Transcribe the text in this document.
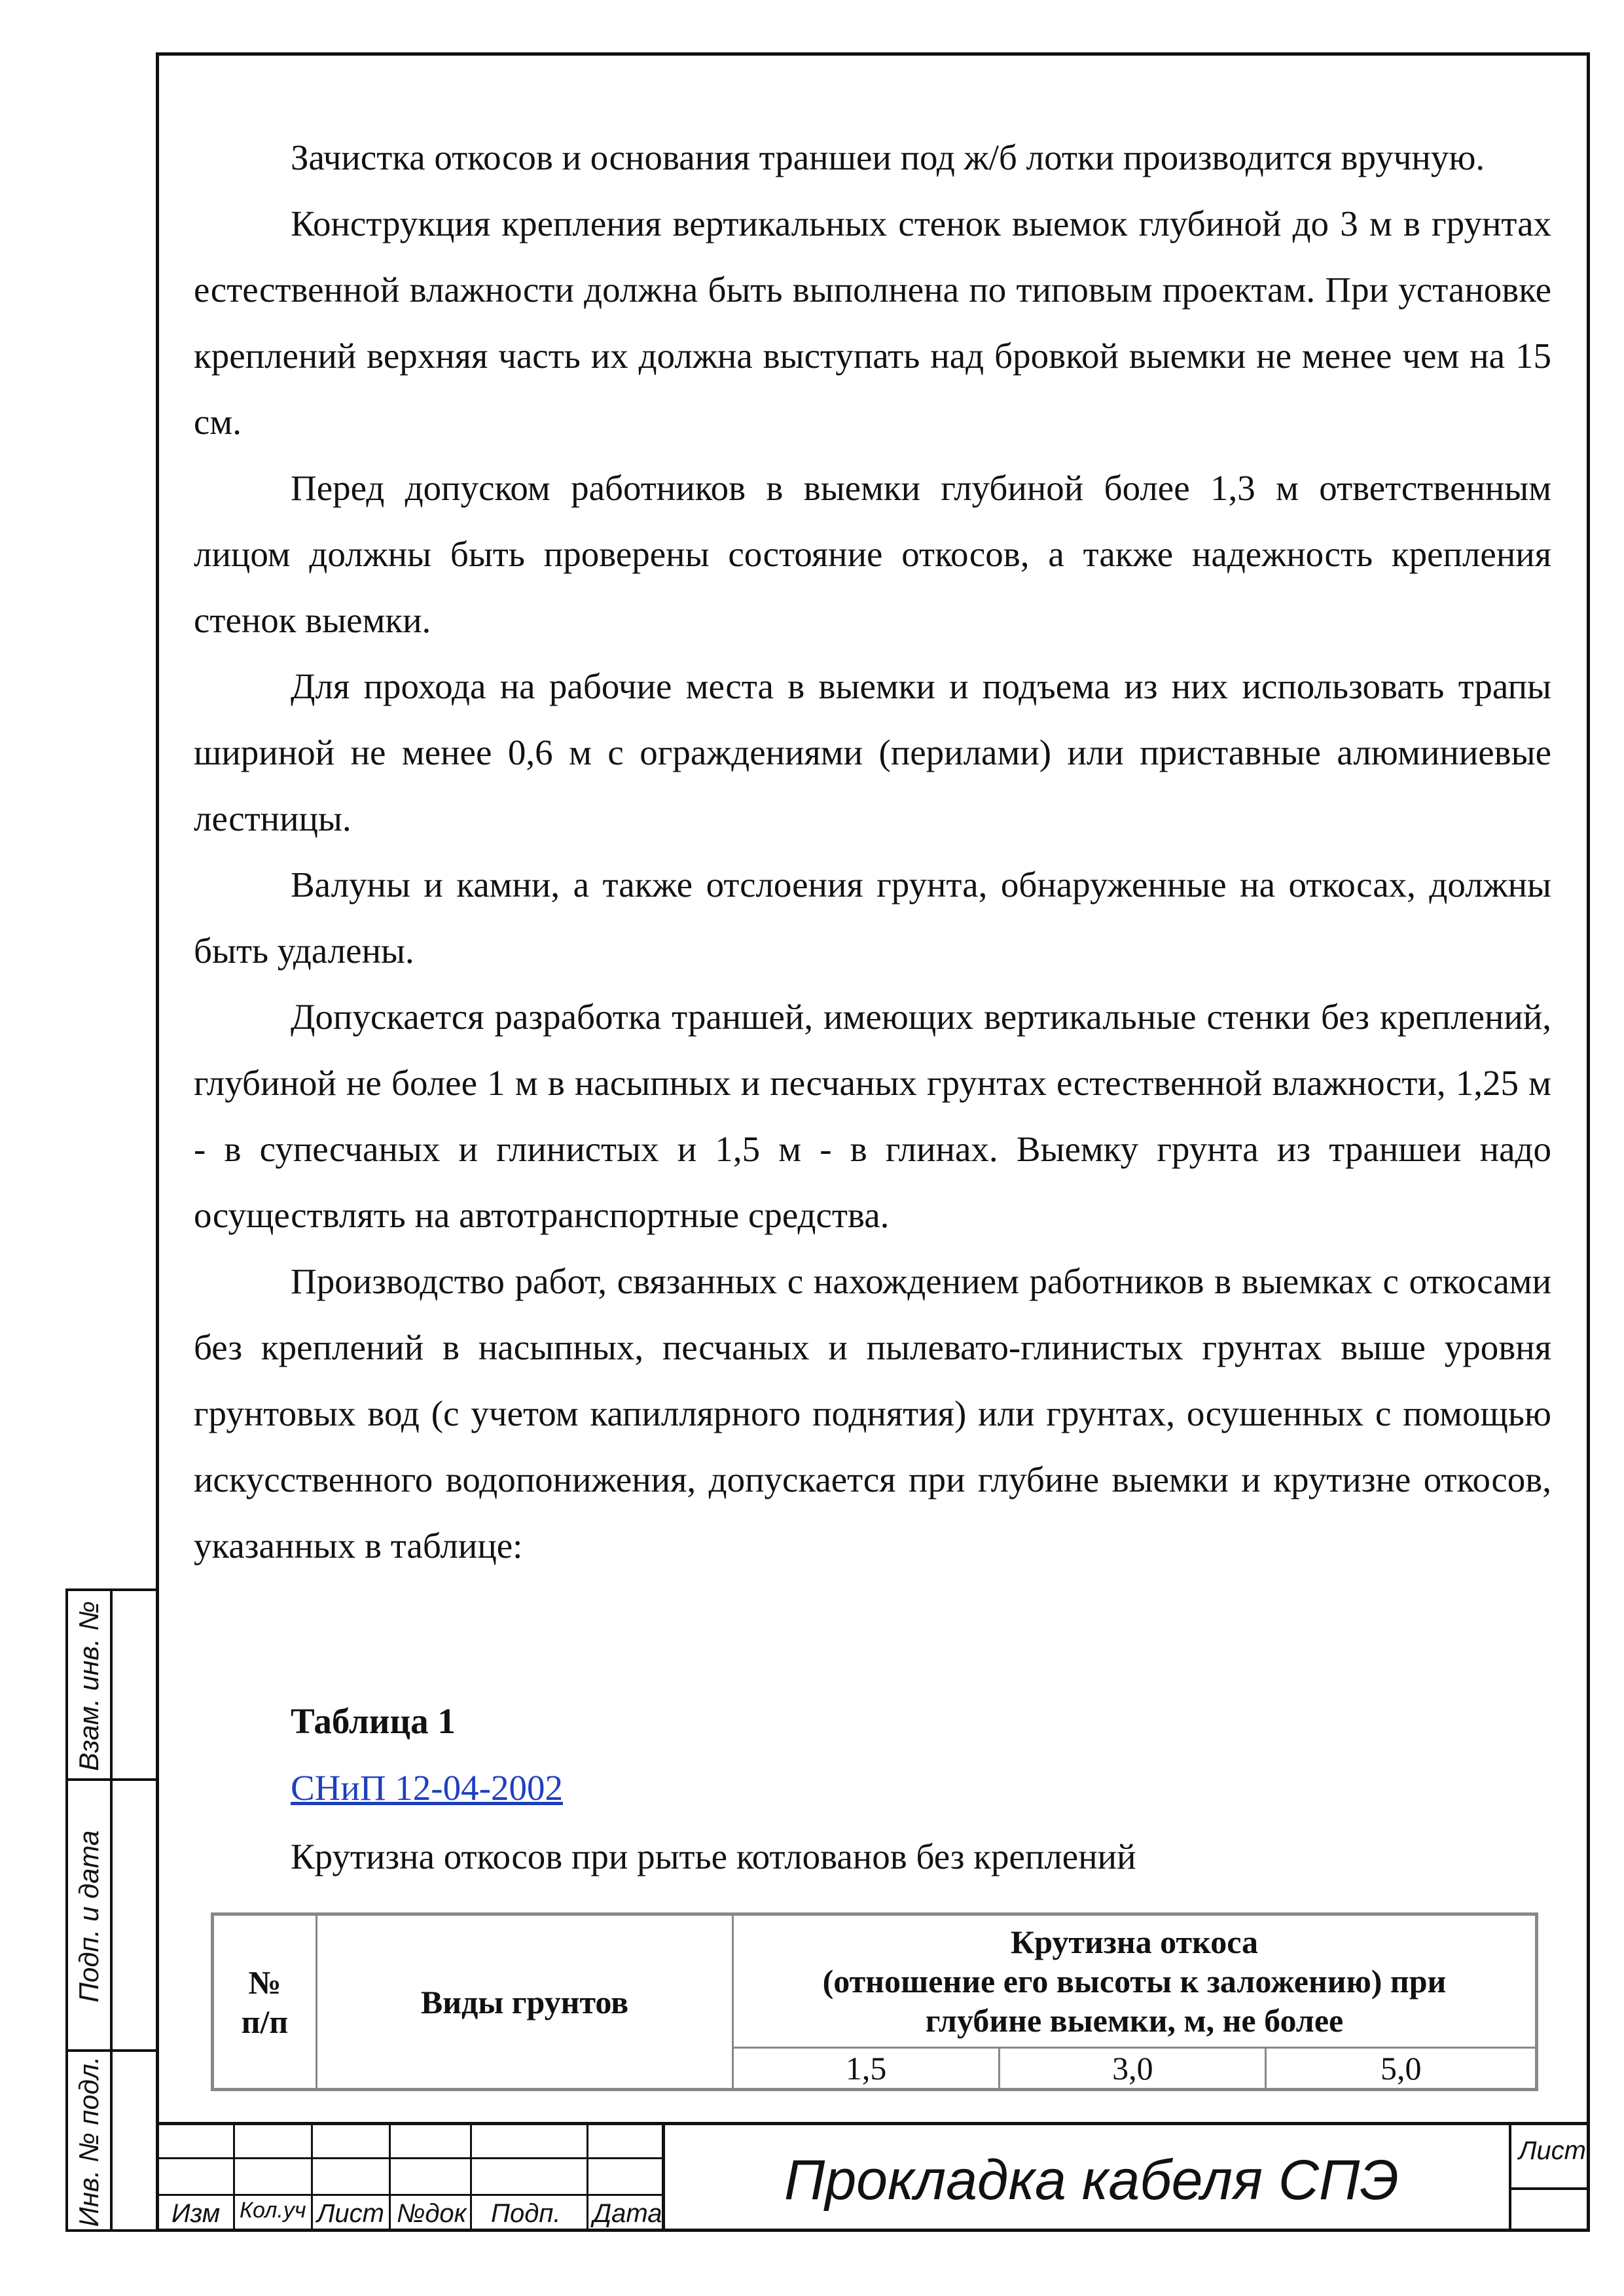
Взам. инв. №
Подп. и дата
Инв. № подл.

Зачистка откосов и основания траншеи под ж/б лотки производится вручную.

Конструкция крепления вертикальных стенок выемок глубиной до 3 м в грунтах естественной влажности должна быть выполнена по типовым проектам. При установке креплений верхняя часть их должна выступать над бровкой выемки не менее чем на 15 см.

Перед допуском работников в выемки глубиной более 1,3 м ответственным лицом должны быть проверены состояние откосов, а также надежность крепления стенок выемки.

Для прохода на рабочие места в выемки и подъема из них использовать трапы шириной не менее 0,6 м с ограждениями (перилами) или приставные алюминиевые лестницы.

Валуны и камни, а также отслоения грунта, обнаруженные на откосах, должны быть удалены.

Допускается разработка траншей, имеющих вертикальные стенки без креплений, глубиной не более 1 м в насыпных и песчаных грунтах естественной влажности, 1,25 м - в супесчаных и глинистых и 1,5 м - в глинах. Выемку грунта из траншеи надо осуществлять на автотранспортные средства.

Производство работ, связанных с нахождением работников в выемках с откосами без креплений в насыпных, песчаных и пылевато-глинистых грунтах выше уровня грунтовых вод (с учетом капиллярного поднятия) или грунтах, осушенных с помощью искусственного водопонижения, допускается при глубине выемки и крутизне откосов, указанных в таблице:

Таблица 1
СНиП 12-04-2002
Крутизна откосов при рытье котлованов без креплений
№
п/п	Виды грунтов	Крутизна откоса
(отношение его высоты к заложению) при
глубине выемки, м, не более		
		1,5	3,0	5,0
Изм Кол.уч Лист №док Подп. Дата
Прокладка кабеля СПЭ	Лист
